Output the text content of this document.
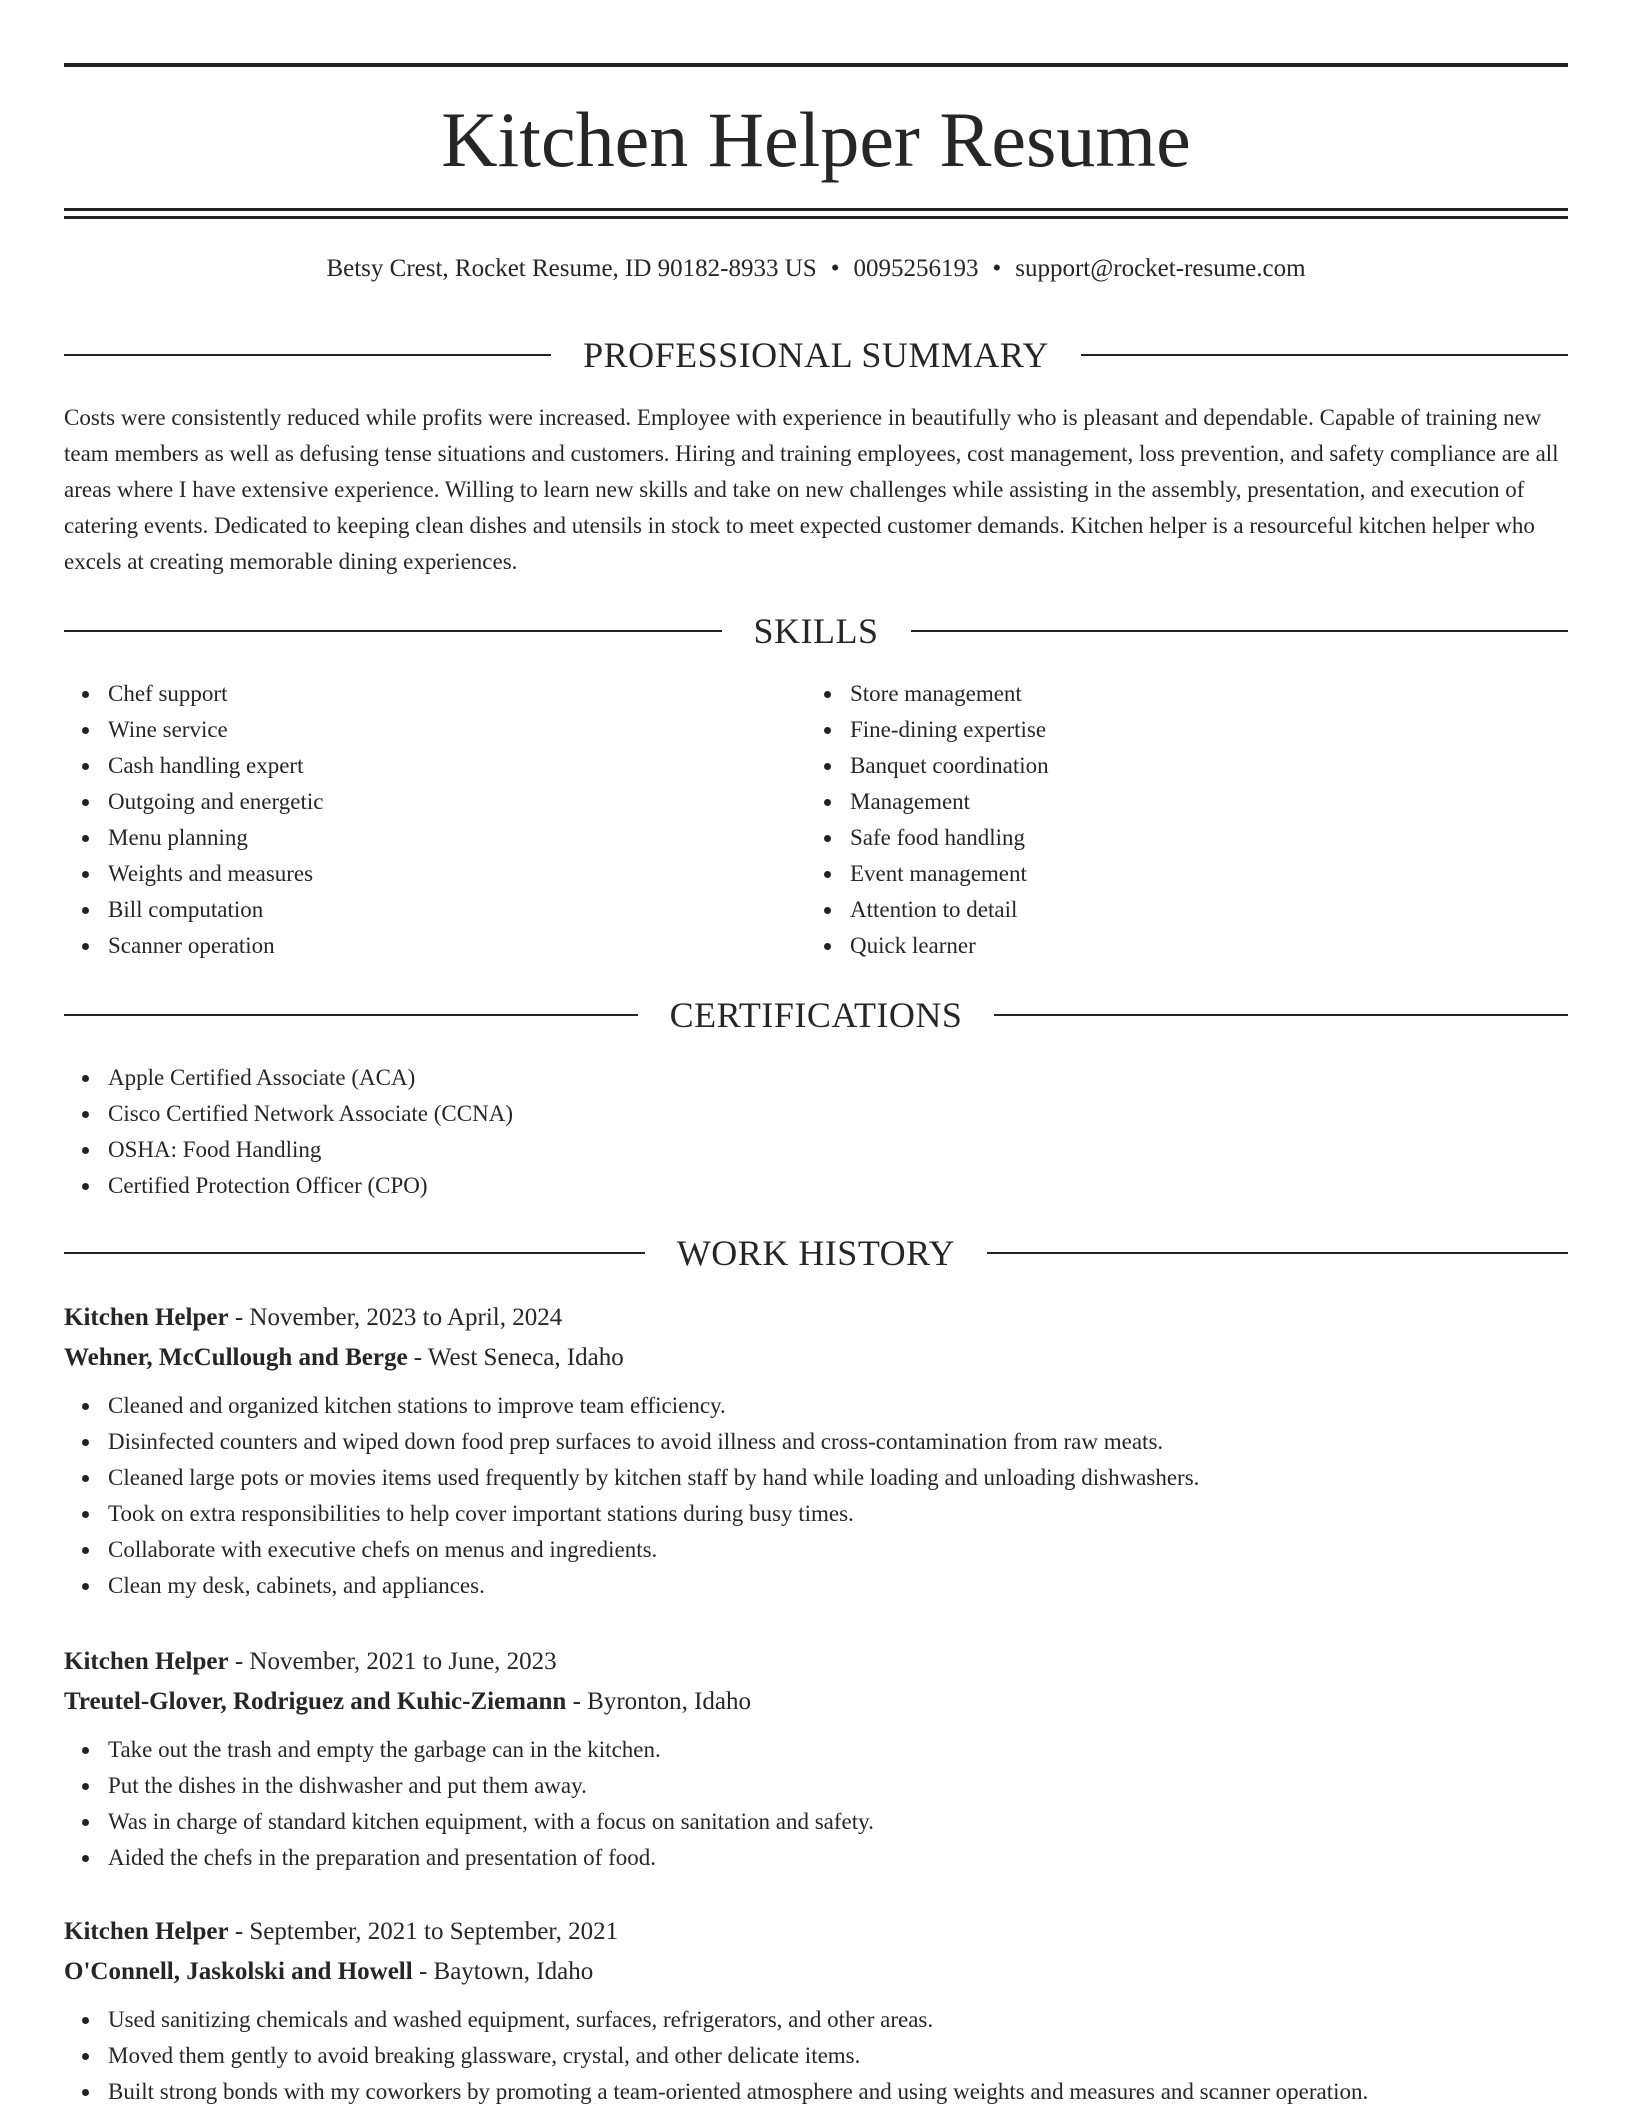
Kitchen Helper Resume
Betsy Crest, Rocket Resume, ID 90182-8933 US • 0095256193 • support@rocket-resume.com
PROFESSIONAL SUMMARY

Costs were consistently reduced while profits were increased. Employee with experience in beautifully who is pleasant and dependable. Capable of training new team members as well as defusing tense situations and customers. Hiring and training employees, cost management, loss prevention, and safety compliance are all areas where I have extensive experience. Willing to learn new skills and take on new challenges while assisting in the assembly, presentation, and execution of catering events. Dedicated to keeping clean dishes and utensils in stock to meet expected customer demands. Kitchen helper is a resourceful kitchen helper who excels at creating memorable dining experiences.

SKILLS
Chef support
Wine service
Cash handling expert
Outgoing and energetic
Menu planning
Weights and measures
Bill computation
Scanner operation
Store management
Fine-dining expertise
Banquet coordination
Management
Safe food handling
Event management
Attention to detail
Quick learner
CERTIFICATIONS
Apple Certified Associate (ACA)
Cisco Certified Network Associate (CCNA)
OSHA: Food Handling
Certified Protection Officer (CPO)
WORK HISTORY
Kitchen Helper - November, 2023 to April, 2024
Wehner, McCullough and Berge - West Seneca, Idaho
Cleaned and organized kitchen stations to improve team efficiency.
Disinfected counters and wiped down food prep surfaces to avoid illness and cross-contamination from raw meats.
Cleaned large pots or movies items used frequently by kitchen staff by hand while loading and unloading dishwashers.
Took on extra responsibilities to help cover important stations during busy times.
Collaborate with executive chefs on menus and ingredients.
Clean my desk, cabinets, and appliances.
Kitchen Helper - November, 2021 to June, 2023
Treutel-Glover, Rodriguez and Kuhic-Ziemann - Byronton, Idaho
Take out the trash and empty the garbage can in the kitchen.
Put the dishes in the dishwasher and put them away.
Was in charge of standard kitchen equipment, with a focus on sanitation and safety.
Aided the chefs in the preparation and presentation of food.
Kitchen Helper - September, 2021 to September, 2021
O'Connell, Jaskolski and Howell - Baytown, Idaho
Used sanitizing chemicals and washed equipment, surfaces, refrigerators, and other areas.
Moved them gently to avoid breaking glassware, crystal, and other delicate items.
Built strong bonds with my coworkers by promoting a team-oriented atmosphere and using weights and measures and scanner operation.
